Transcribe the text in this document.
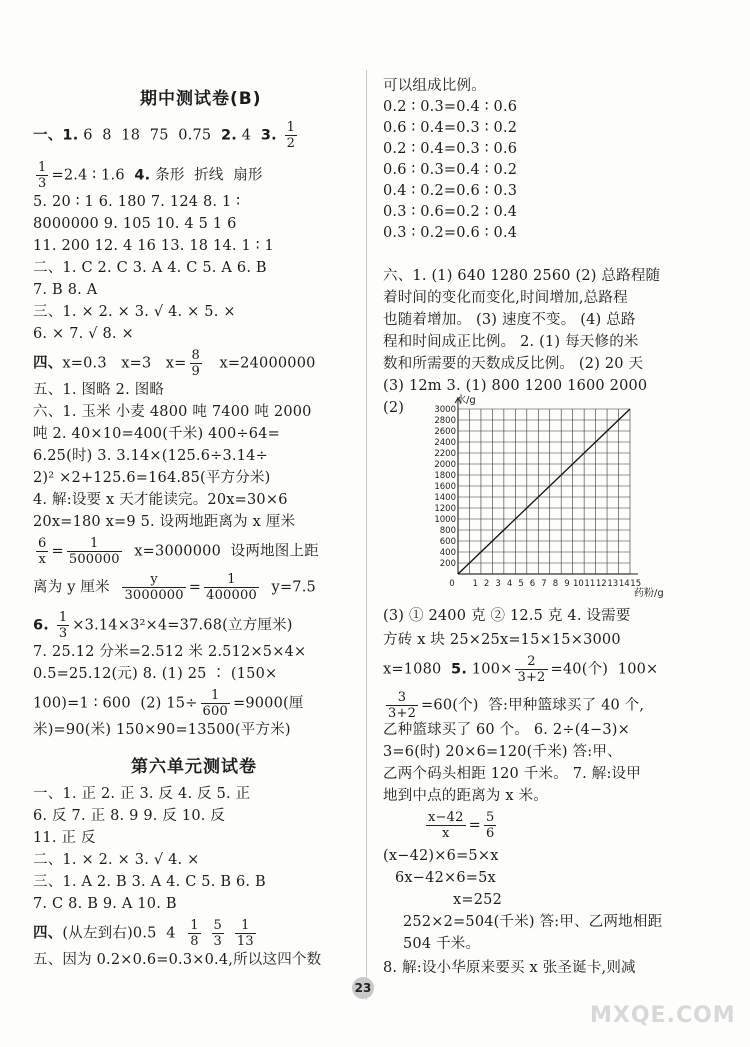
期中测试卷(B)
一、1. 6  8  18  75  0.75  2. 4  3. $\frac{1}{2}$
$\frac{1}{3} =2.4$ ∶ 1.6  4. 条形  折线  扇形
5. 20 ∶ 1 6. 180 7. 124 8. 1 ∶
8000000 9. 105 10. 4 5 1 6
11. 200 12. 4 16 13. 18 14. 1 ∶ 1
二、1. C 2. C 3. A 4. C 5. A 6. B
7. B 8. A
三、1. × 2. × 3. √ 4. × 5. ×
6. × 7. √ 8. ×
四、x=0.3   x=3   $x= \frac{8}{9} x=24000000$
五、1. 图略 2. 图略
六、1. 玉米 小麦 4800 吨 7400 吨 2000
吨 2. 40×10=400(千米) 400÷64=
6.25(时) 3. 3.14×(125.6÷3.14÷
2)² ×2+125.6=164.85(平方分米)
4. 解:设要 x 天才能读完。20x=30×6
20x=180 x=9 5. 设两地距离为 x 厘米
$\frac{6}{x} = \frac{1}{500000} x=3000000$  设两地图上距
离为 y 厘米 $\frac{y}{3000000} = \frac{1}{400000} y=7.5$
6. $\frac{1}{3} \times 3.14\times 3^2\times 4=37.68$(立方厘米)
7. 25.12 分米=2.512 米 2.512×5×4×
0.5=25.12(元) 8. (1) 25 ∶ (150×
100)=1 ∶ 600  (2) $15\div \frac{1}{600} =9000$(厘
米)=90(米) 150×90=13500(平方米)
第六单元测试卷
一、1. 正 2. 正 3. 反 4. 反 5. 正
6. 反 7. 正 8. 9 9. 反 10. 反
11. 正 反
二、1. × 2. × 3. √ 4. ×
三、1. A 2. B 3. A 4. C 5. B 6. B
7. C 8. B 9. A 10. B
四、(从左到右)0.5  $4 \frac{1}{8}$
$\frac{5}{3}$
$\frac{1}{13}$
五、因为 0.2×0.6=0.3×0.4,所以这四个数
可以组成比例。
0.2 ∶ 0.3=0.4 ∶ 0.6
0.6 ∶ 0.4=0.3 ∶ 0.2
0.2 ∶ 0.4=0.3 ∶ 0.6
0.6 ∶ 0.3=0.4 ∶ 0.2
0.4 ∶ 0.2=0.6 ∶ 0.3
0.3 ∶ 0.6=0.2 ∶ 0.4
0.3 ∶ 0.2=0.6 ∶ 0.4
六、1. (1) 640 1280 2560 (2) 总路程随
着时间的变化而变化,时间增加,总路程
也随着增加。 (3) 速度不变。 (4) 总路
程和时间成正比例。 2. (1) 每天修的米
数和所需要的天数成反比例。 (2) 20 天
(3) 12m 3. (1) 800 1200 1600 2000
(2)	水/g
药粉/g
200
400
600
800
1000
1200
1400
1600
1800
2000
2200
2400
2600
2800
3000
0 1 2 3 4 5 6 7 8 9 10 11 12 13 14 15
(3) ① 2400 克 ② 12.5 克 4. 设需要
方砖 x 块 25×25x=15×15×3000
x=1080  5. $100\times \frac{2}{3+2} =40$(个)  100×
$\frac{3}{3+2} =60$(个)  答:甲种篮球买了 40 个,
乙种篮球买了 60 个。 6. 2÷(4−3)×
3=6(时) 20×6=120(千米) 答:甲、
乙两个码头相距 120 千米。 7. 解:设甲
地到中点的距离为 x 米。
$\frac{x-42}{x} = \frac{5}{6}$
(x−42)×6=5×x
6x−42×6=5x
x=252
252×2=504(千米) 答:甲、乙两地相距
504 千米。
8. 解:设小华原来要买 x 张圣诞卡,则减
23
MXQE.COM
